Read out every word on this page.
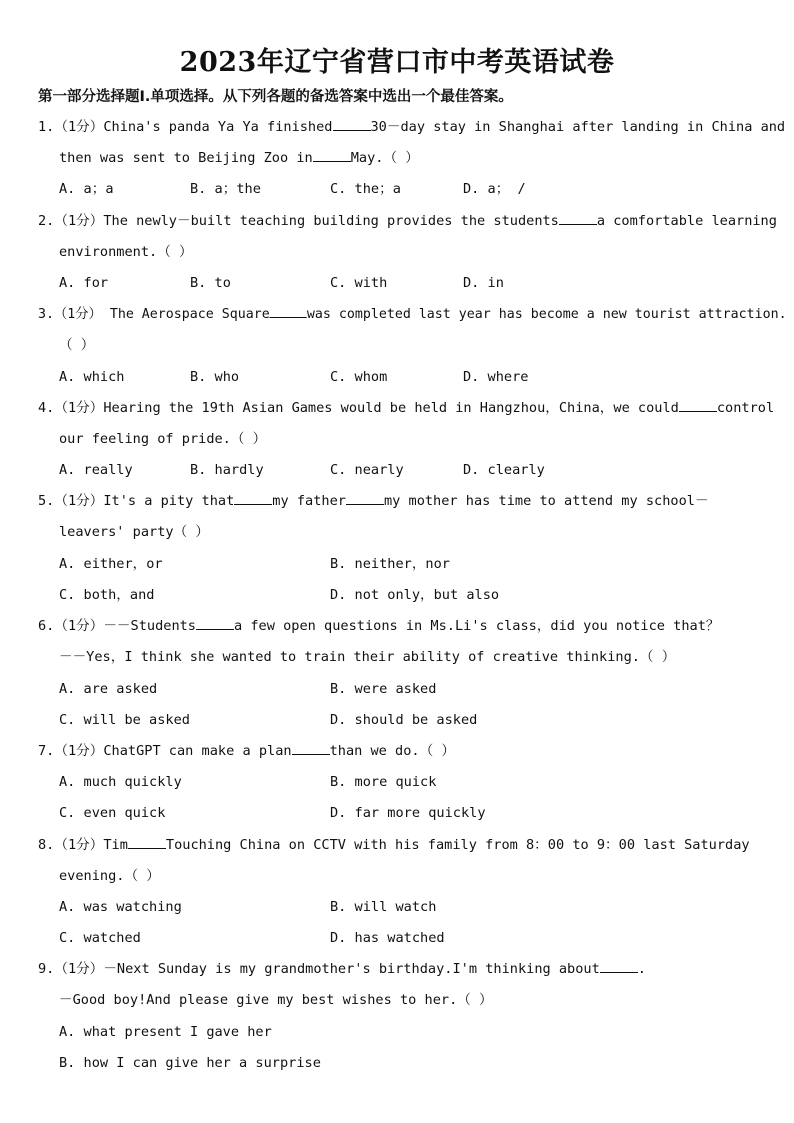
2023年辽宁省营口市中考英语试卷
第一部分选择题Ⅰ.单项选择。从下列各题的备选答案中选出一个最佳答案。
1.（1分）China's panda Ya Ya finished	30－day stay in Shanghai after landing in China and
then was sent to Beijing Zoo in	May.（ ）
A. a；a	B. a；the	C. the；a	D. a； /
2.（1分）The newly－built teaching building provides the students	a comfortable learning
environment.（ ）
A. for	B. to	C. with	D. in
3.（1分） The Aerospace Square	was completed last year has become a new tourist attraction.
（ ）
A. which	B. who	C. whom	D. where
4.（1分）Hearing the 19th Asian Games would be held in Hangzhou，China，we could	control
our feeling of pride.（ ）
A. really	B. hardly	C. nearly	D. clearly
5.（1分）It's a pity that	my father	my mother has time to attend my school－
leavers' party（ ）
A. either，or	B. neither，nor
C. both，and	D. not only，but also
6.（1分）－－Students	a few open questions in Ms.Li's class，did you notice that？
－－Yes，I think she wanted to train their ability of creative thinking.（ ）
A. are asked	B. were asked
C. will be asked	D. should be asked
7.（1分）ChatGPT can make a plan	than we do.（ ）
A. much quickly	B. more quick
C. even quick	D. far more quickly
8.（1分）Tim	Touching China on CCTV with his family from 8：00 to 9：00 last Saturday
evening.（ ）
A. was watching	B. will watch
C. watched	D. has watched
9.（1分）－Next Sunday is my grandmother's birthday.I'm thinking about	.
－Good boy!And please give my best wishes to her.（ ）
A. what present I gave her
B. how I can give her a surprise
